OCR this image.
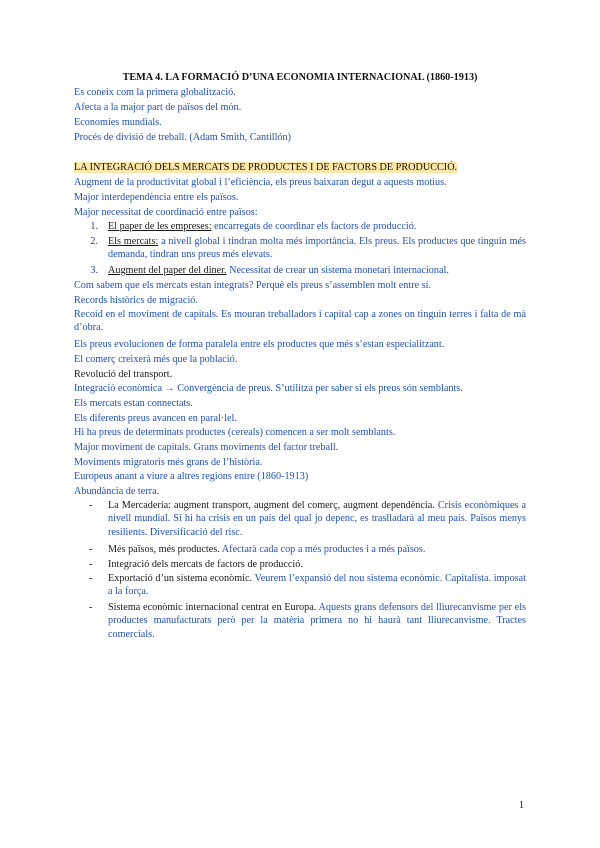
TEMA 4. LA FORMACIÓ D’UNA ECONOMIA INTERNACIONAL (1860-1913)
Es coneix com la primera globalització.
Afecta a la major part de països del món.
Economies mundials.
Procés de divisió de treball. (Adam Smith, Cantillón)
LA INTEGRACIÓ DELS MERCATS DE PRODUCTES I DE FACTORS DE PRODUCCIÓ.
Augment de la productivitat global i l’eficiència, els preus baixaran degut a aquests motius.
Major interdependència entre els països.
Major necessitat de coordinació entre països:
1. El paper de les empreses: encarregats de coordinar els factors de producció.
2. Els mercats: a nivell global i tindran molta més importància. Els preus. Els productes que tinguin més demanda, tindran uns preus més elevats.
3. Augment del paper del diner. Necessitat de crear un sistema monetari internacional.
Com sabem que els mercats estan integrats? Perquè els preus s’assemblen molt entre sí.
Records històrics de migració.
Recoid en el moviment de capitals. Es mouran treballadors i capital cap a zones on tinguin terres i falta de mà d’obra.
Els preus evolucionen de forma paralela entre els productes que més s’estan especialitzant.
El comerç creixerà més que la població.
Revolució del transport.
Integració econòmica → Convergència de preus. S’utilitza per saber si els preus són semblants.
Els mercats estan connectats.
Els diferents preus avancen en paral·lel.
Hi ha preus de determinats productes (cereals) comencen a ser molt semblants.
Major moviment de capitals. Grans moviments del factor treball.
Moviments migratoris més grans de l’història.
Europeus anant a viure a altres regions entre (1860-1913)
Abundància de terra.
- La Mercadería: augment transport, augment del comerç, augment dependència. Crisis econòmiques a nivell mundial. Si hi ha crisis en un país del qual jo depenc, es traslladarà al meu país. Països menys resilients. Diversificació del risc.
- Més països, més productes. Afectarà cada cop a més productes i a més països.
- Integració dels mercats de factors de producció.
- Exportació d’un sistema econòmic. Veurem l’expansió del nou sistema econòmic. Capitalista. imposat a la força.
- Sistema econòmic internacional centrat en Europa. Aquests grans defensors del lliurecanvisme per els productes manufacturats però per la matèria primera no hi haurà tant lliurecanvisme. Tractes comercials.
1
